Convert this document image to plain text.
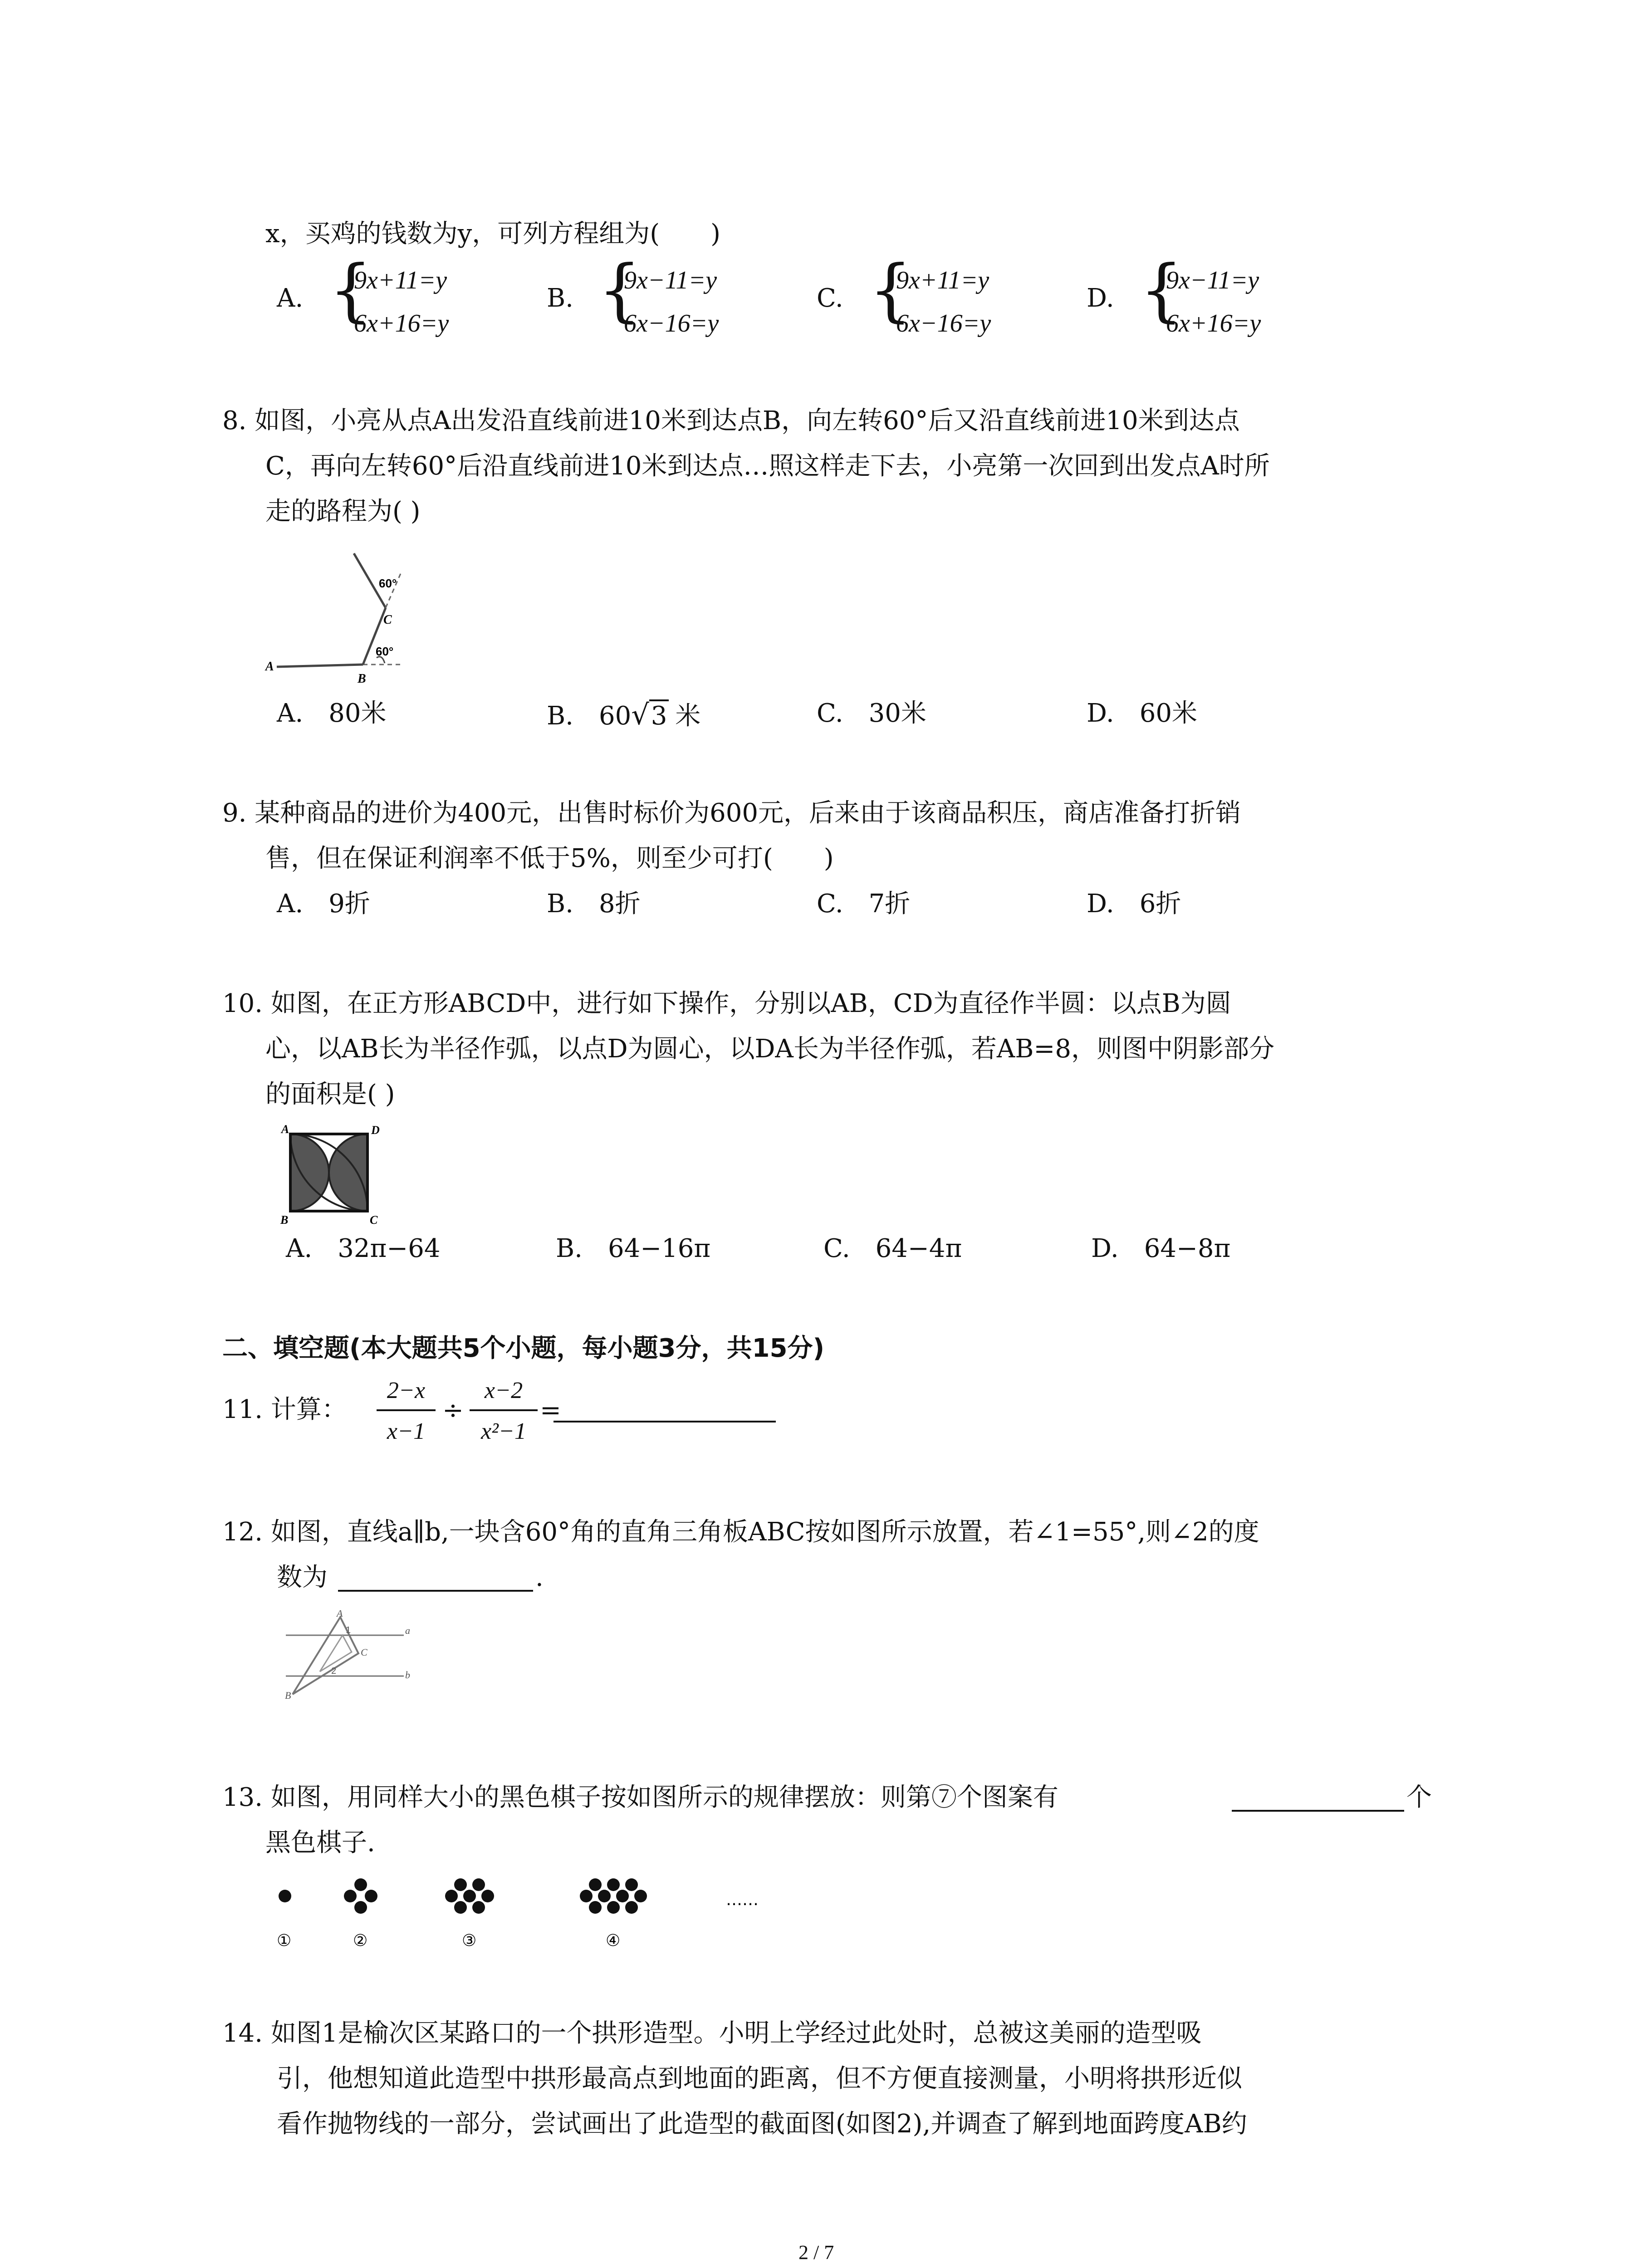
x，买鸡的钱数为y，可列方程组为(　　)
A. {
9x+11=y
6x+16=y
B. {
9x−11=y
6x−16=y
C. {
9x+11=y
6x−16=y
D. {
9x−11=y
6x+16=y
8. 如图，小亮从点A出发沿直线前进10米到达点B，向左转60°后又沿直线前进10米到达点
C，再向左转60°后沿直线前进10米到达点…照这样走下去，小亮第一次回到出发点A时所
走的路程为( )
60°
60°
C
A
B
A.　80米	B.　60√3 米	C.　30米	D.　60米
9. 某种商品的进价为400元，出售时标价为600元，后来由于该商品积压，商店准备打折销
售，但在保证利润率不低于5%，则至少可打(　　)
A.　9折	B.　8折	C.　7折	D.　6折
10. 如图，在正方形ABCD中，进行如下操作，分别以AB，CD为直径作半圆：以点B为圆
心，以AB长为半径作弧，以点D为圆心，以DA长为半径作弧，若AB=8，则图中阴影部分
的面积是( )
A	D
B	C
A.　32π−64	B.　64−16π	C.　64−4π	D.　64−8π
二、填空题(本大题共5个小题，每小题3分，共15分)
11. 计算：
2−x
x−1
÷
x−2
x²−1
=
12. 如图，直线a∥b,一块含60°角的直角三角板ABC按如图所示放置，若∠1=55°,则∠2的度
数为	.
A
a
b
C
B
1
2
13. 如图，用同样大小的黑色棋子按如图所示的规律摆放：则第⑦个图案有	个
黑色棋子.
①	②	③	④
……
14. 如图1是榆次区某路口的一个拱形造型。小明上学经过此处时，总被这美丽的造型吸
引，他想知道此造型中拱形最高点到地面的距离，但不方便直接测量，小明将拱形近似
看作抛物线的一部分，尝试画出了此造型的截面图(如图2),并调查了解到地面跨度AB约
2 / 7
